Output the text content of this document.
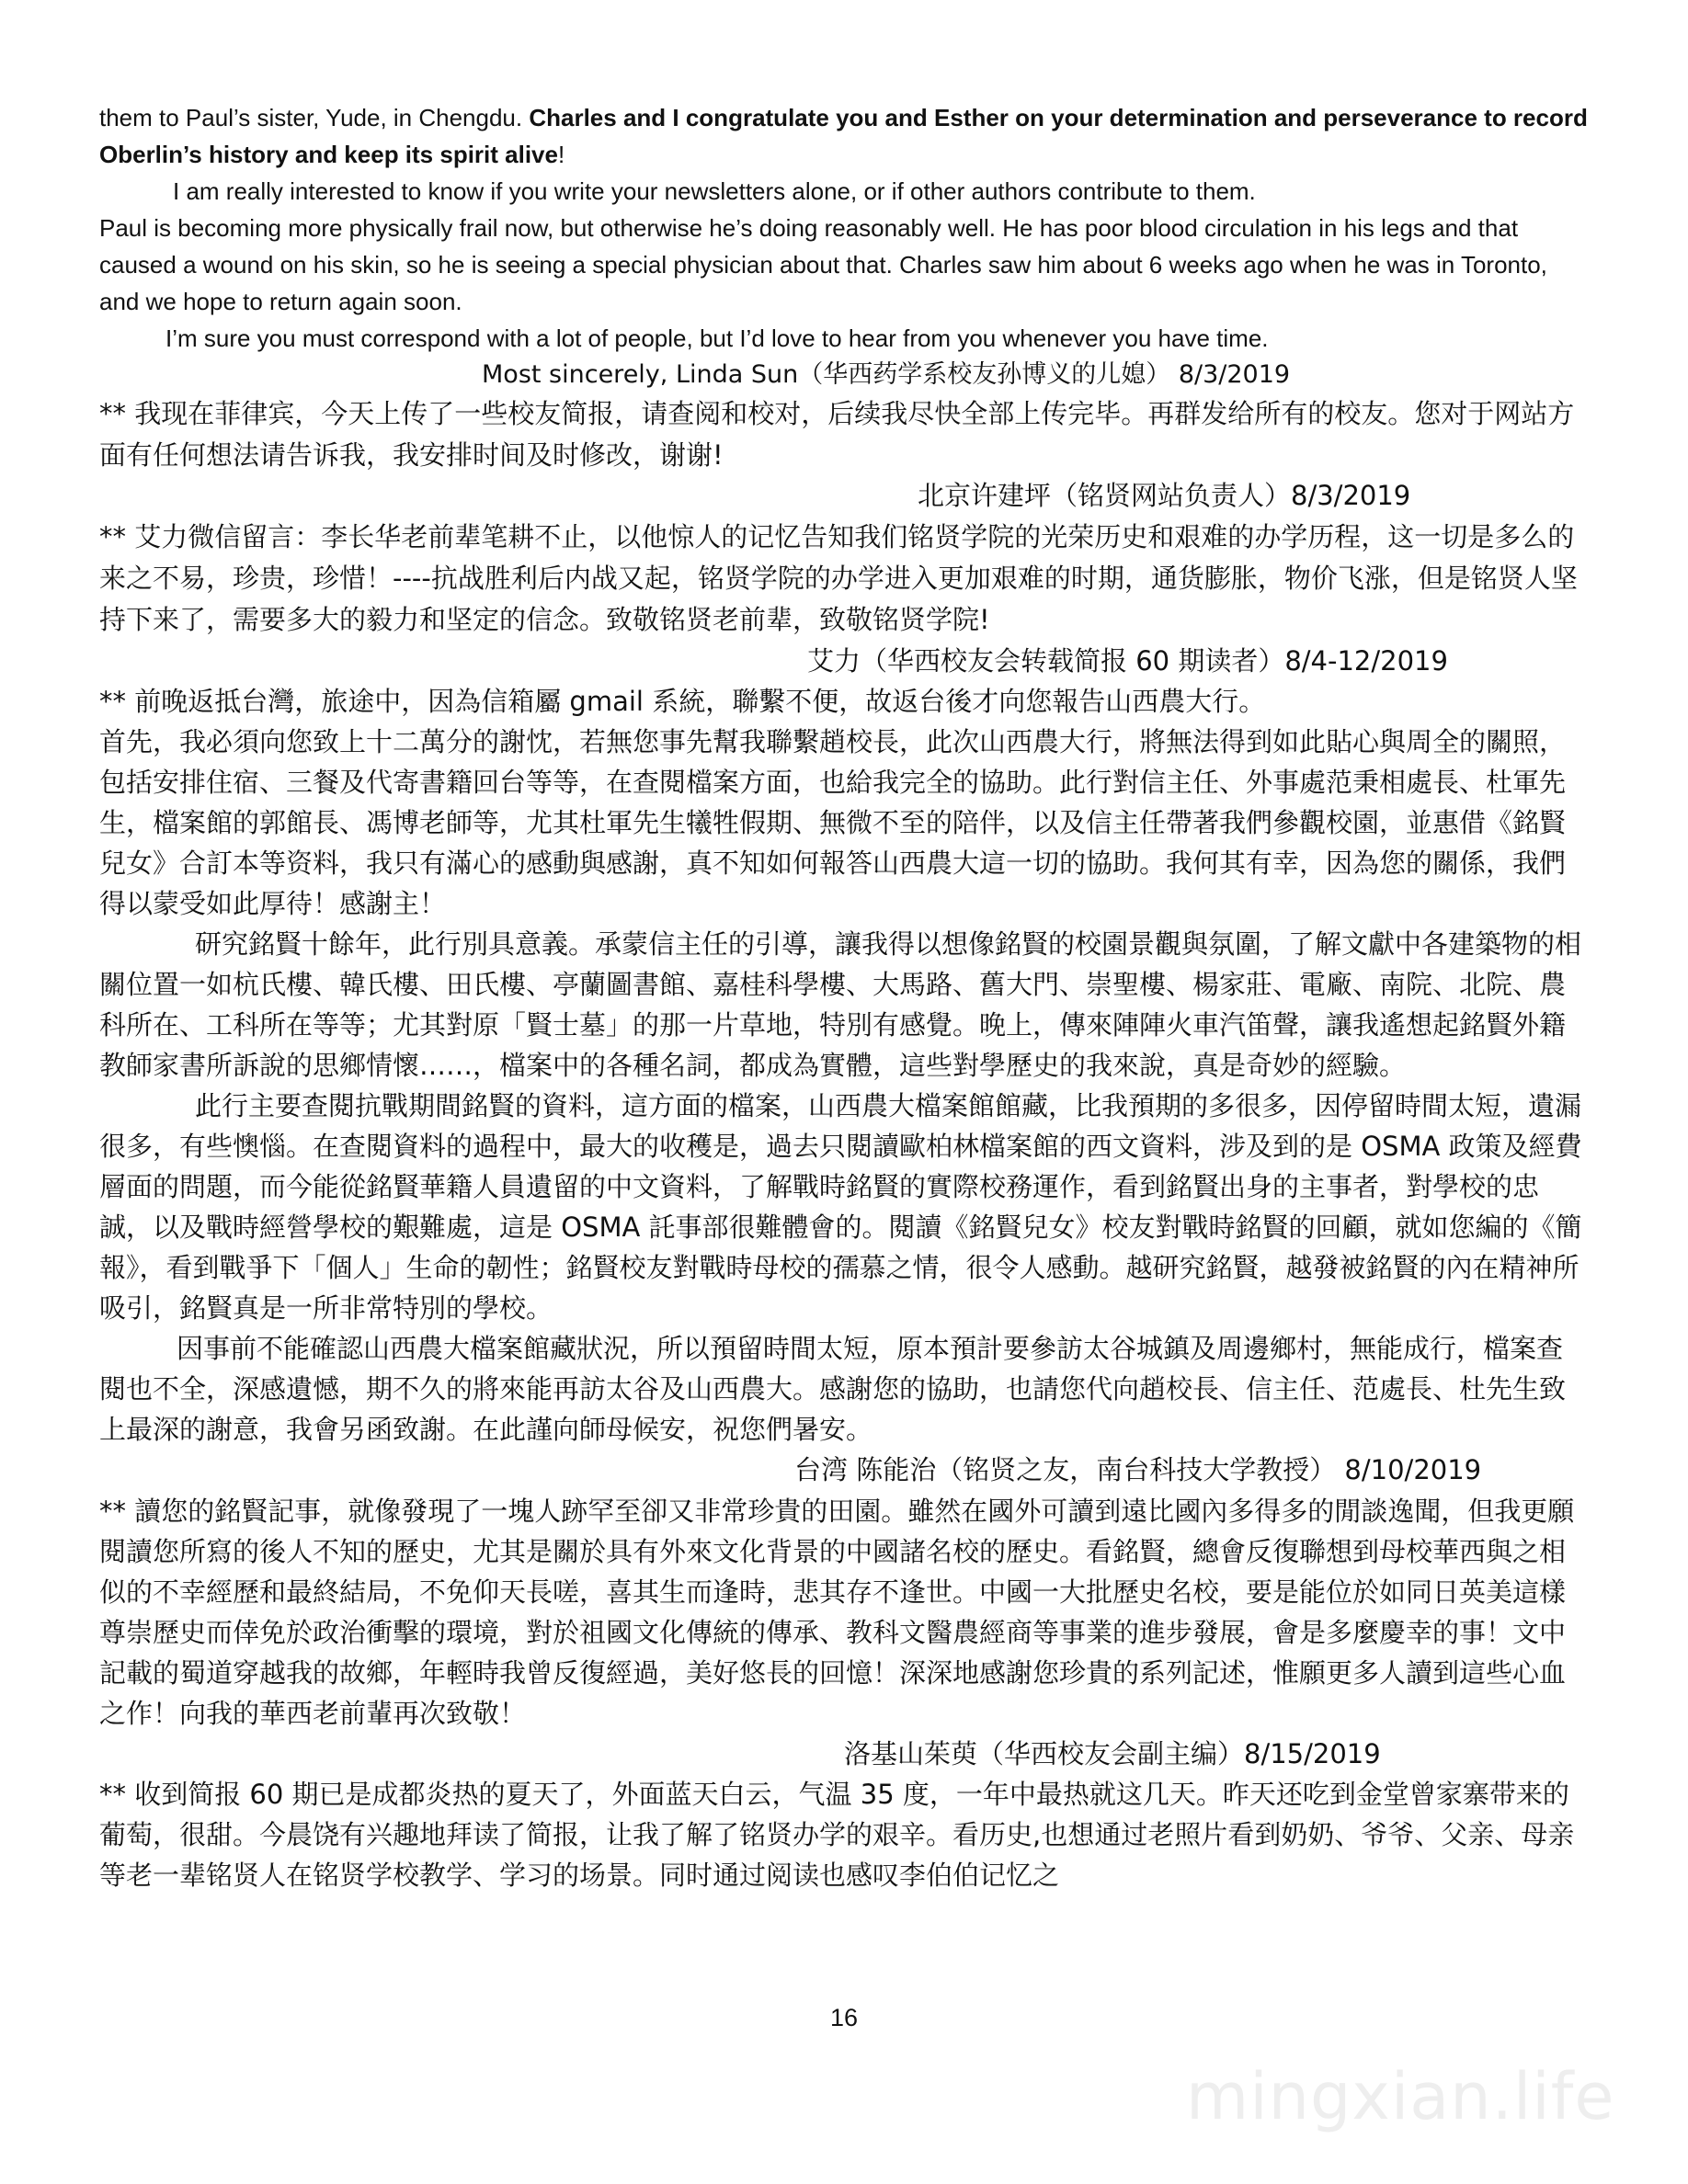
them to Paul’s sister, Yude, in Chengdu. Charles and I congratulate you and Esther on your determination and perseverance to record Oberlin’s history and keep its spirit alive!

I am really interested to know if you write your newsletters alone, or if other authors contribute to them.

Paul is becoming more physically frail now, but otherwise he’s doing reasonably well. He has poor blood circulation in his legs and that caused a wound on his skin, so he is seeing a special physician about that. Charles saw him about 6 weeks ago when he was in Toronto, and we hope to return again soon.

I’m sure you must correspond with a lot of people, but I’d love to hear from you whenever you have time.

Most sincerely, Linda Sun（华西药学系校友孙博义的儿媳） 8/3/2019

** 我现在菲律宾，今天上传了一些校友简报，请查阅和校对，后续我尽快全部上传完毕。再群发给所有的校友。您对于网站方面有任何想法请告诉我，我安排时间及时修改，谢谢!

北京许建坪（铭贤网站负责人）8/3/2019

** 艾力微信留言：李长华老前辈笔耕不止，以他惊人的记忆告知我们铭贤学院的光荣历史和艰难的办学历程，这一切是多么的来之不易，珍贵，珍惜！----抗战胜利后内战又起，铭贤学院的办学进入更加艰难的时期，通货膨胀，物价飞涨，但是铭贤人坚持下来了，需要多大的毅力和坚定的信念。致敬铭贤老前辈，致敬铭贤学院!

艾力（华西校友会转载简报 60 期读者）8/4-12/2019

** 前晚返抵台灣，旅途中，因為信箱屬 gmail 系統，聯繫不便，故返台後才向您報告山西農大行。

首先，我必須向您致上十二萬分的謝忱，若無您事先幫我聯繫趙校長，此次山西農大行，將無法得到如此貼心與周全的關照，包括安排住宿、三餐及代寄書籍回台等等，在查閱檔案方面，也給我完全的協助。此行對信主任、外事處范秉相處長、杜軍先生，檔案館的郭館長、馮博老師等，尤其杜軍先生犧牲假期、無微不至的陪伴，以及信主任帶著我們參觀校園，並惠借《銘賢兒女》合訂本等资料，我只有滿心的感動與感謝，真不知如何報答山西農大這一切的協助。我何其有幸，因為您的關係，我們得以蒙受如此厚待！感謝主！

研究銘賢十餘年，此行別具意義。承蒙信主任的引導，讓我得以想像銘賢的校園景觀與氛圍，了解文獻中各建築物的相關位置一如杭氏樓、韓氏樓、田氏樓、亭蘭圖書館、嘉桂科學樓、大馬路、舊大門、崇聖樓、楊家莊、電廠、南院、北院、農科所在、工科所在等等；尤其對原「賢士墓」的那一片草地，特別有感覺。晚上，傳來陣陣火車汽笛聲，讓我遙想起銘賢外籍教師家書所訴說的思鄉情懷……，檔案中的各種名詞，都成為實體，這些對學歷史的我來說，真是奇妙的經驗。

此行主要查閱抗戰期間銘賢的資料，這方面的檔案，山西農大檔案館館藏，比我預期的多很多，因停留時間太短，遺漏很多，有些懊惱。在查閱資料的過程中，最大的收穫是，過去只閱讀歐柏林檔案館的西文資料，涉及到的是 OSMA 政策及經費層面的問題，而今能從銘賢華籍人員遺留的中文資料，了解戰時銘賢的實際校務運作，看到銘賢出身的主事者，對學校的忠誠，以及戰時經營學校的艱難處，這是 OSMA 託事部很難體會的。閱讀《銘賢兒女》校友對戰時銘賢的回顧，就如您編的《簡報》，看到戰爭下「個人」生命的韌性；銘賢校友對戰時母校的孺慕之情，很令人感動。越研究銘賢，越發被銘賢的內在精神所吸引，銘賢真是一所非常特別的學校。

因事前不能確認山西農大檔案館藏狀況，所以預留時間太短，原本預計要參訪太谷城鎮及周邊鄉村，無能成行，檔案查閱也不全，深感遺憾，期不久的將來能再訪太谷及山西農大。感謝您的協助，也請您代向趙校長、信主任、范處長、杜先生致上最深的謝意，我會另函致謝。在此謹向師母候安，祝您們暑安。

台湾 陈能治（铭贤之友，南台科技大学教授） 8/10/2019

** 讀您的銘賢記事，就像發現了一塊人跡罕至卻又非常珍貴的田園。雖然在國外可讀到遠比國內多得多的閒談逸聞，但我更願閱讀您所寫的後人不知的歷史，尤其是關於具有外來文化背景的中國諸名校的歷史。看銘賢，總會反復聯想到母校華西與之相似的不幸經歷和最終結局，不免仰天長嗟，喜其生而逢時，悲其存不逢世。中國一大批歷史名校，要是能位於如同日英美這樣尊崇歷史而倖免於政治衝擊的環境，對於祖國文化傳統的傳承、教科文醫農經商等事業的進步發展，會是多麼慶幸的事！文中記載的蜀道穿越我的故鄉，年輕時我曾反復經過，美好悠長的回憶！深深地感謝您珍貴的系列記述，惟願更多人讀到這些心血之作！向我的華西老前輩再次致敬！

洛基山茱萸（华西校友会副主编）8/15/2019

** 收到简报 60 期已是成都炎热的夏天了，外面蓝天白云，气温 35 度，一年中最热就这几天。昨天还吃到金堂曾家寨带来的葡萄，很甜。今晨饶有兴趣地拜读了简报，让我了解了铭贤办学的艰辛。看历史,也想通过老照片看到奶奶、爷爷、父亲、母亲等老一辈铭贤人在铭贤学校教学、学习的场景。同时通过阅读也感叹李伯伯记忆之

16
mingxian.life
